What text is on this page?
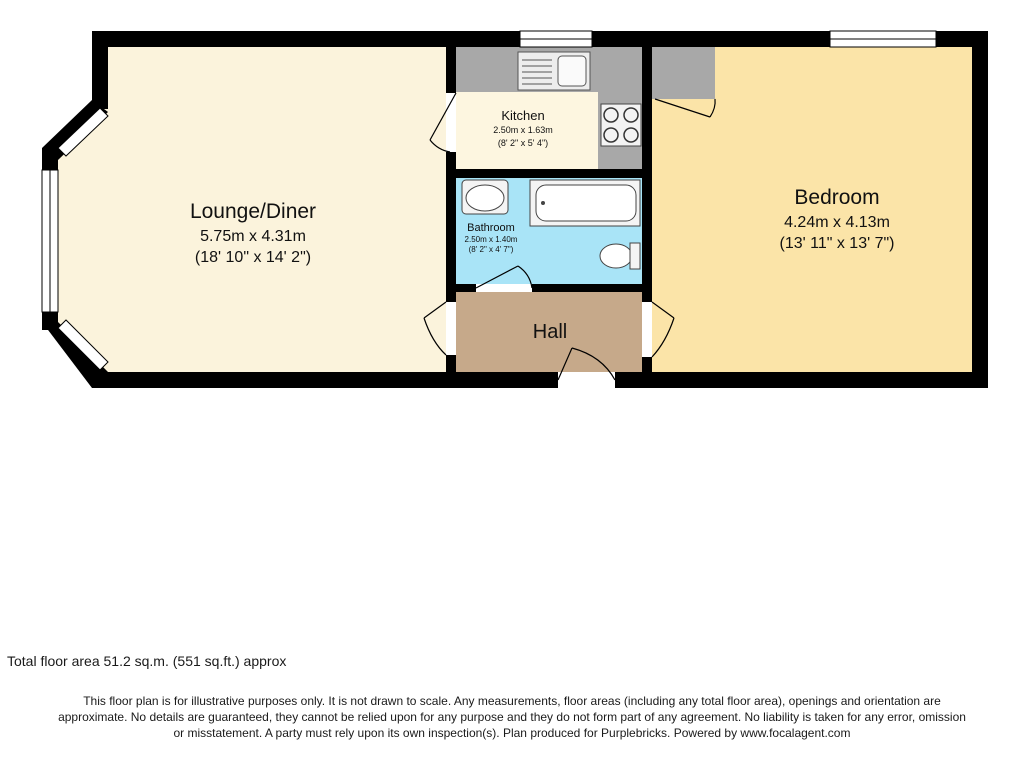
Lounge/Diner
5.75m x 4.31m
(18' 10" x 14' 2")
Kitchen
2.50m x 1.63m
(8' 2" x 5' 4")
Bathroom
2.50m x 1.40m
(8' 2" x 4' 7")
Hall
Bedroom
4.24m x 4.13m
(13' 11" x 13' 7")
Total floor area 51.2 sq.m. (551 sq.ft.) approx
This floor plan is for illustrative purposes only. It is not drawn to scale. Any measurements, floor areas (including any total floor area), openings and orientation are
approximate. No details are guaranteed, they cannot be relied upon for any purpose and they do not form part of any agreement. No liability is taken for any error, omission
or misstatement. A party must rely upon its own inspection(s). Plan produced for Purplebricks. Powered by www.focalagent.com
